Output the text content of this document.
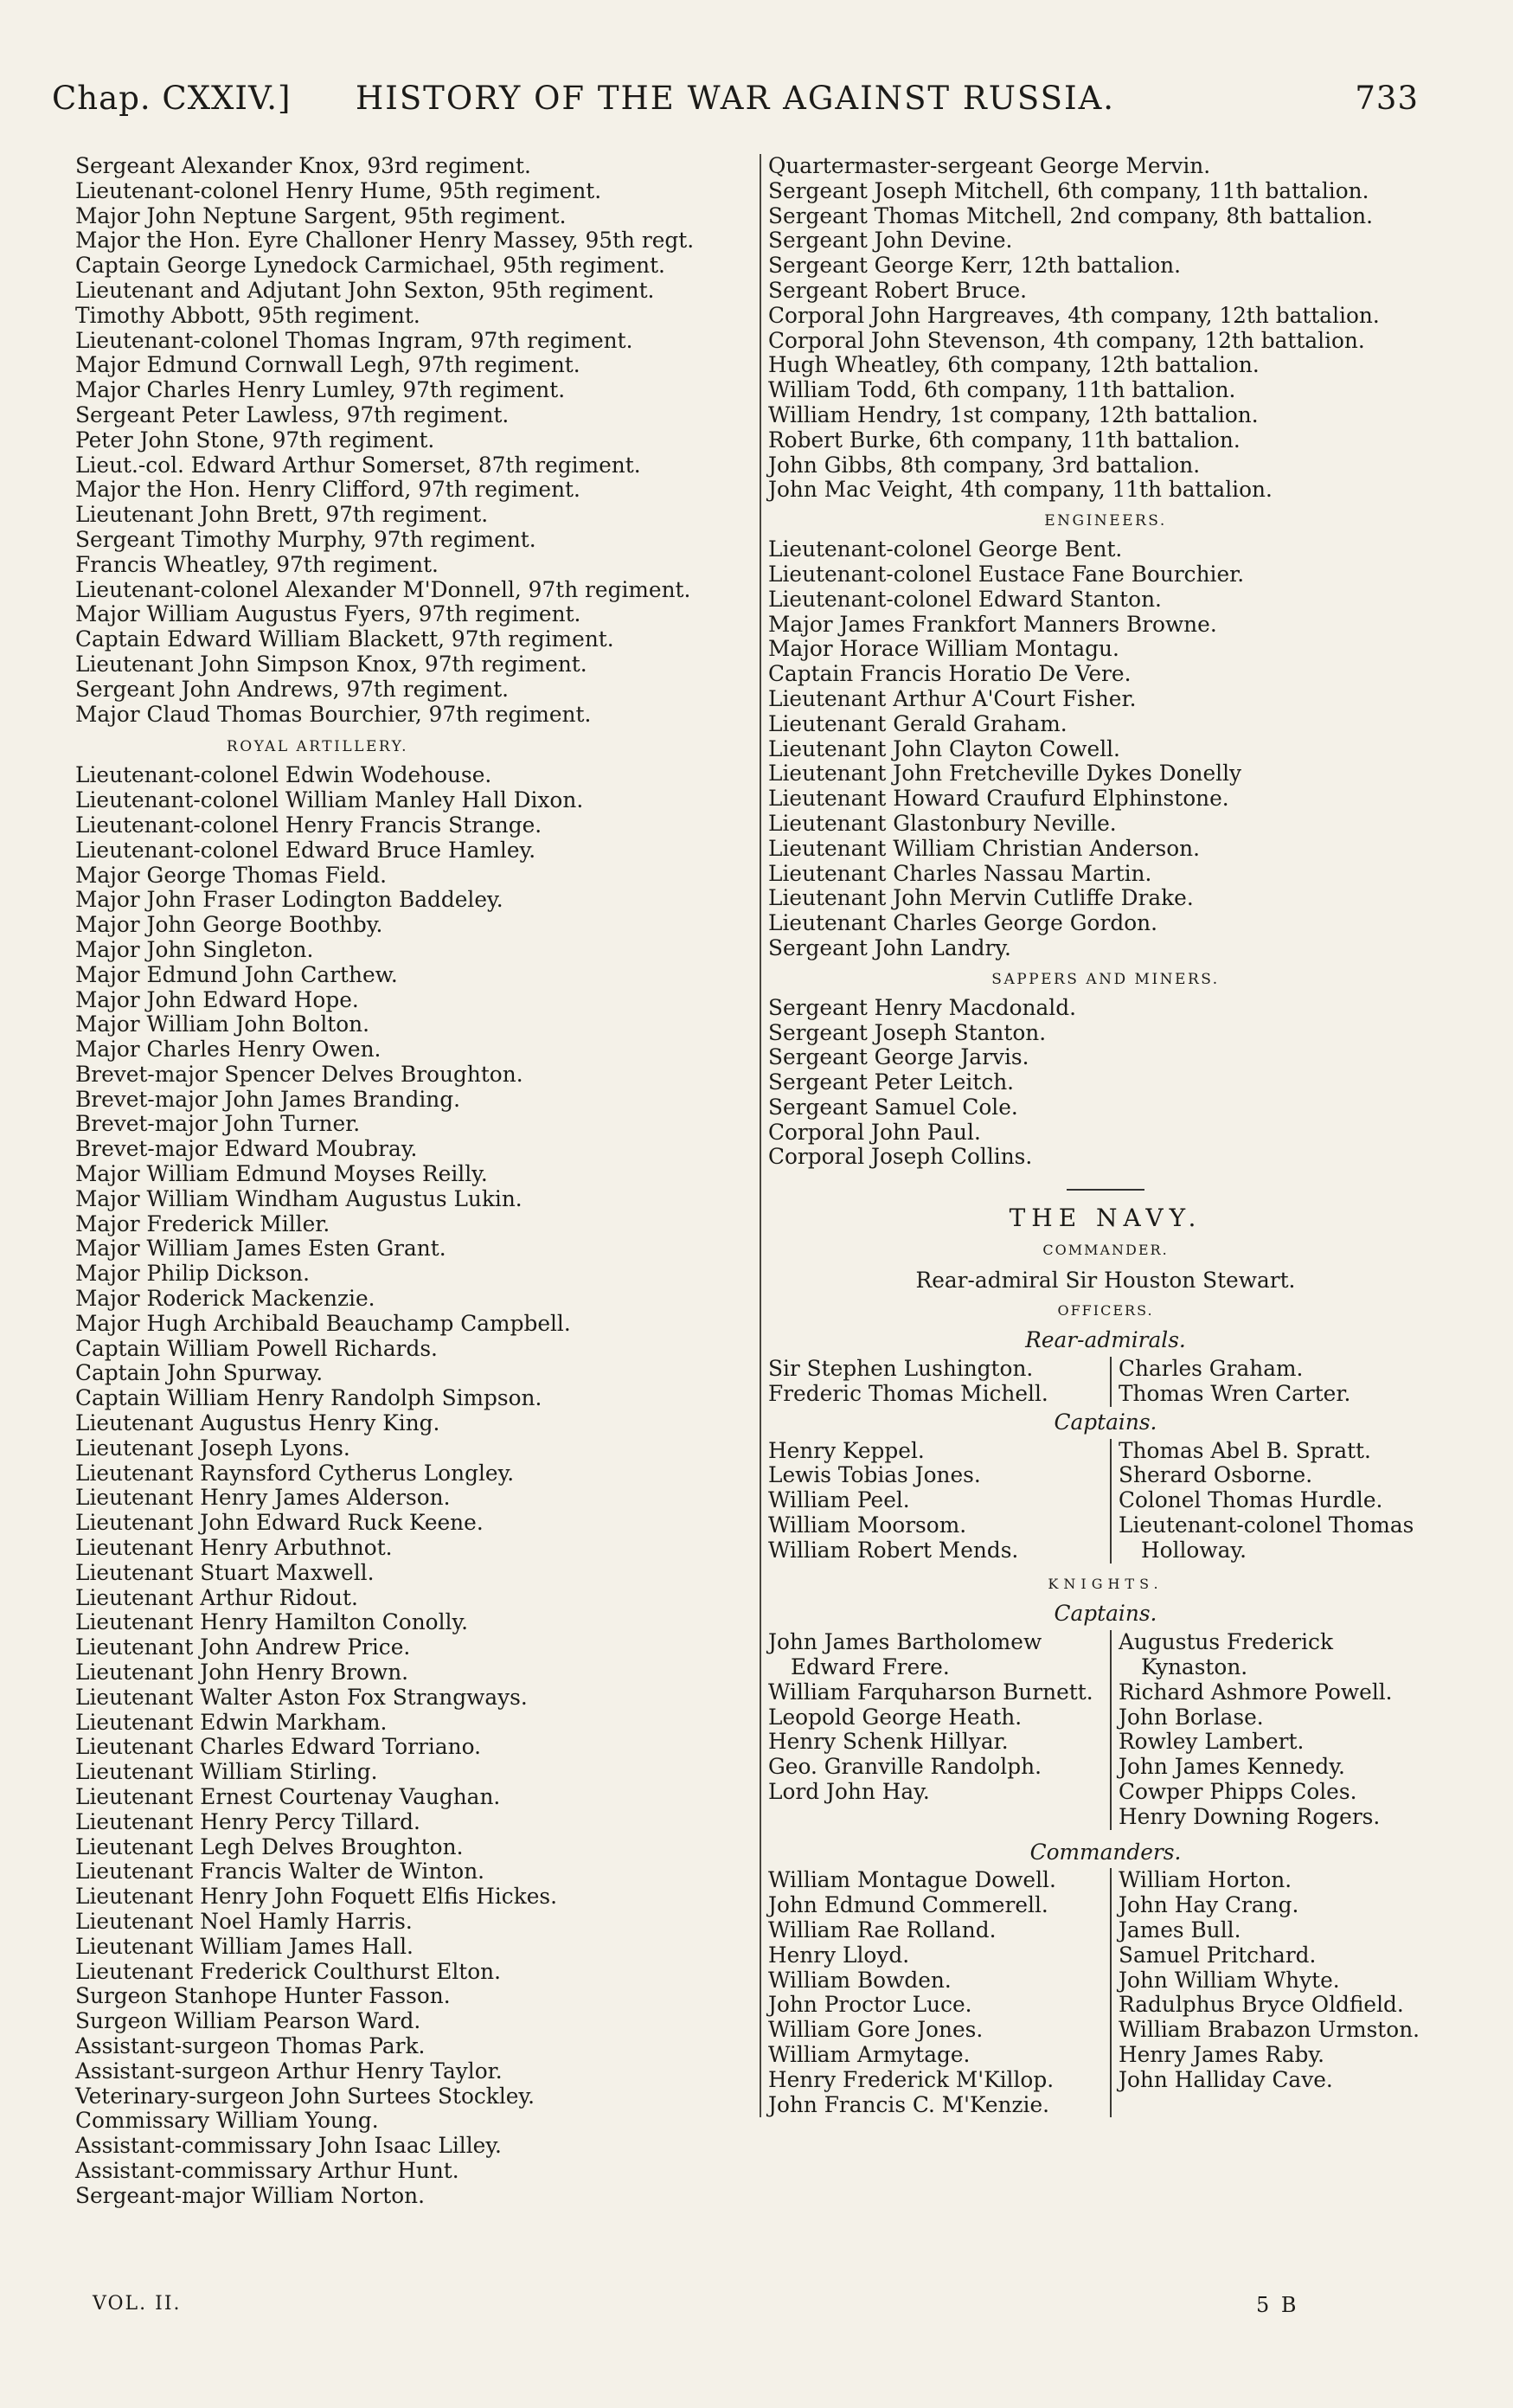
Chap. CXXIV.]	HISTORY OF THE WAR AGAINST RUSSIA.	733
Sergeant Alexander Knox, 93rd regiment.
Lieutenant-colonel Henry Hume, 95th regiment.
Major John Neptune Sargent, 95th regiment.
Major the Hon. Eyre Challoner Henry Massey, 95th regt.
Captain George Lynedock Carmichael, 95th regiment.
Lieutenant and Adjutant John Sexton, 95th regiment.
Timothy Abbott, 95th regiment.
Lieutenant-colonel Thomas Ingram, 97th regiment.
Major Edmund Cornwall Legh, 97th regiment.
Major Charles Henry Lumley, 97th regiment.
Sergeant Peter Lawless, 97th regiment.
Peter John Stone, 97th regiment.
Lieut.-col. Edward Arthur Somerset, 87th regiment.
Major the Hon. Henry Clifford, 97th regiment.
Lieutenant John Brett, 97th regiment.
Sergeant Timothy Murphy, 97th regiment.
Francis Wheatley, 97th regiment.
Lieutenant-colonel Alexander M'Donnell, 97th regiment.
Major William Augustus Fyers, 97th regiment.
Captain Edward William Blackett, 97th regiment.
Lieutenant John Simpson Knox, 97th regiment.
Sergeant John Andrews, 97th regiment.
Major Claud Thomas Bourchier, 97th regiment.
ROYAL ARTILLERY.
Lieutenant-colonel Edwin Wodehouse.
Lieutenant-colonel William Manley Hall Dixon.
Lieutenant-colonel Henry Francis Strange.
Lieutenant-colonel Edward Bruce Hamley.
Major George Thomas Field.
Major John Fraser Lodington Baddeley.
Major John George Boothby.
Major John Singleton.
Major Edmund John Carthew.
Major John Edward Hope.
Major William John Bolton.
Major Charles Henry Owen.
Brevet-major Spencer Delves Broughton.
Brevet-major John James Branding.
Brevet-major John Turner.
Brevet-major Edward Moubray.
Major William Edmund Moyses Reilly.
Major William Windham Augustus Lukin.
Major Frederick Miller.
Major William James Esten Grant.
Major Philip Dickson.
Major Roderick Mackenzie.
Major Hugh Archibald Beauchamp Campbell.
Captain William Powell Richards.
Captain John Spurway.
Captain William Henry Randolph Simpson.
Lieutenant Augustus Henry King.
Lieutenant Joseph Lyons.
Lieutenant Raynsford Cytherus Longley.
Lieutenant Henry James Alderson.
Lieutenant John Edward Ruck Keene.
Lieutenant Henry Arbuthnot.
Lieutenant Stuart Maxwell.
Lieutenant Arthur Ridout.
Lieutenant Henry Hamilton Conolly.
Lieutenant John Andrew Price.
Lieutenant John Henry Brown.
Lieutenant Walter Aston Fox Strangways.
Lieutenant Edwin Markham.
Lieutenant Charles Edward Torriano.
Lieutenant William Stirling.
Lieutenant Ernest Courtenay Vaughan.
Lieutenant Henry Percy Tillard.
Lieutenant Legh Delves Broughton.
Lieutenant Francis Walter de Winton.
Lieutenant Henry John Foquett Elfis Hickes.
Lieutenant Noel Hamly Harris.
Lieutenant William James Hall.
Lieutenant Frederick Coulthurst Elton.
Surgeon Stanhope Hunter Fasson.
Surgeon William Pearson Ward.
Assistant-surgeon Thomas Park.
Assistant-surgeon Arthur Henry Taylor.
Veterinary-surgeon John Surtees Stockley.
Commissary William Young.
Assistant-commissary John Isaac Lilley.
Assistant-commissary Arthur Hunt.
Sergeant-major William Norton.
Quartermaster-sergeant George Mervin.
Sergeant Joseph Mitchell, 6th company, 11th battalion.
Sergeant Thomas Mitchell, 2nd company, 8th battalion.
Sergeant John Devine.
Sergeant George Kerr, 12th battalion.
Sergeant Robert Bruce.
Corporal John Hargreaves, 4th company, 12th battalion.
Corporal John Stevenson, 4th company, 12th battalion.
Hugh Wheatley, 6th company, 12th battalion.
William Todd, 6th company, 11th battalion.
William Hendry, 1st company, 12th battalion.
Robert Burke, 6th company, 11th battalion.
John Gibbs, 8th company, 3rd battalion.
John Mac Veight, 4th company, 11th battalion.
ENGINEERS.
Lieutenant-colonel George Bent.
Lieutenant-colonel Eustace Fane Bourchier.
Lieutenant-colonel Edward Stanton.
Major James Frankfort Manners Browne.
Major Horace William Montagu.
Captain Francis Horatio De Vere.
Lieutenant Arthur A'Court Fisher.
Lieutenant Gerald Graham.
Lieutenant John Clayton Cowell.
Lieutenant John Fretcheville Dykes Donelly
Lieutenant Howard Craufurd Elphinstone.
Lieutenant Glastonbury Neville.
Lieutenant William Christian Anderson.
Lieutenant Charles Nassau Martin.
Lieutenant John Mervin Cutliffe Drake.
Lieutenant Charles George Gordon.
Sergeant John Landry.
SAPPERS AND MINERS.
Sergeant Henry Macdonald.
Sergeant Joseph Stanton.
Sergeant George Jarvis.
Sergeant Peter Leitch.
Sergeant Samuel Cole.
Corporal John Paul.
Corporal Joseph Collins.
THE NAVY.
COMMANDER.
Rear-admiral Sir Houston Stewart.
OFFICERS.
Rear-admirals.
Sir Stephen Lushington.
Frederic Thomas Michell.
Charles Graham.
Thomas Wren Carter.
Captains.
Henry Keppel.
Lewis Tobias Jones.
William Peel.
William Moorsom.
William Robert Mends.
Thomas Abel B. Spratt.
Sherard Osborne.
Colonel Thomas Hurdle.
Lieutenant-colonel Thomas Holloway.
KNIGHTS.
Captains.
John James Bartholomew Edward Frere.
William Farquharson Burnett.
Leopold George Heath.
Henry Schenk Hillyar.
Geo. Granville Randolph.
Lord John Hay.
Augustus Frederick Kynaston.
Richard Ashmore Powell.
John Borlase.
Rowley Lambert.
John James Kennedy.
Cowper Phipps Coles.
Henry Downing Rogers.
Commanders.
William Montague Dowell.
John Edmund Commerell.
William Rae Rolland.
Henry Lloyd.
William Bowden.
John Proctor Luce.
William Gore Jones.
William Armytage.
Henry Frederick M'Killop.
John Francis C. M'Kenzie.
William Horton.
John Hay Crang.
James Bull.
Samuel Pritchard.
John William Whyte.
Radulphus Bryce Oldfield.
William Brabazon Urmston.
Henry James Raby.
John Halliday Cave.
VOL. II.	5 B
